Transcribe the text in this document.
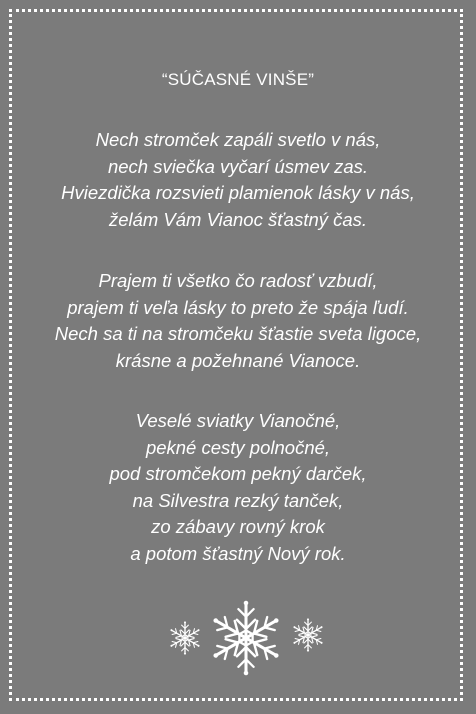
“SÚČASNÉ VINŠE”
Nech stromček zapáli svetlo v nás,
nech sviečka vyčarí úsmev zas.
Hviezdička rozsvieti plamienok lásky v nás,
želám Vám Vianoc šťastný čas.
Prajem ti všetko čo radosť vzbudí,
prajem ti veľa lásky to preto že spája ľudí.
Nech sa ti na stromčeku šťastie sveta ligoce,
krásne a požehnané Vianoce.
Veselé sviatky Vianočné,
pekné cesty polnočné,
pod stromčekom pekný darček,
na Silvestra rezký tanček,
zo zábavy rovný krok
a potom šťastný Nový rok.
